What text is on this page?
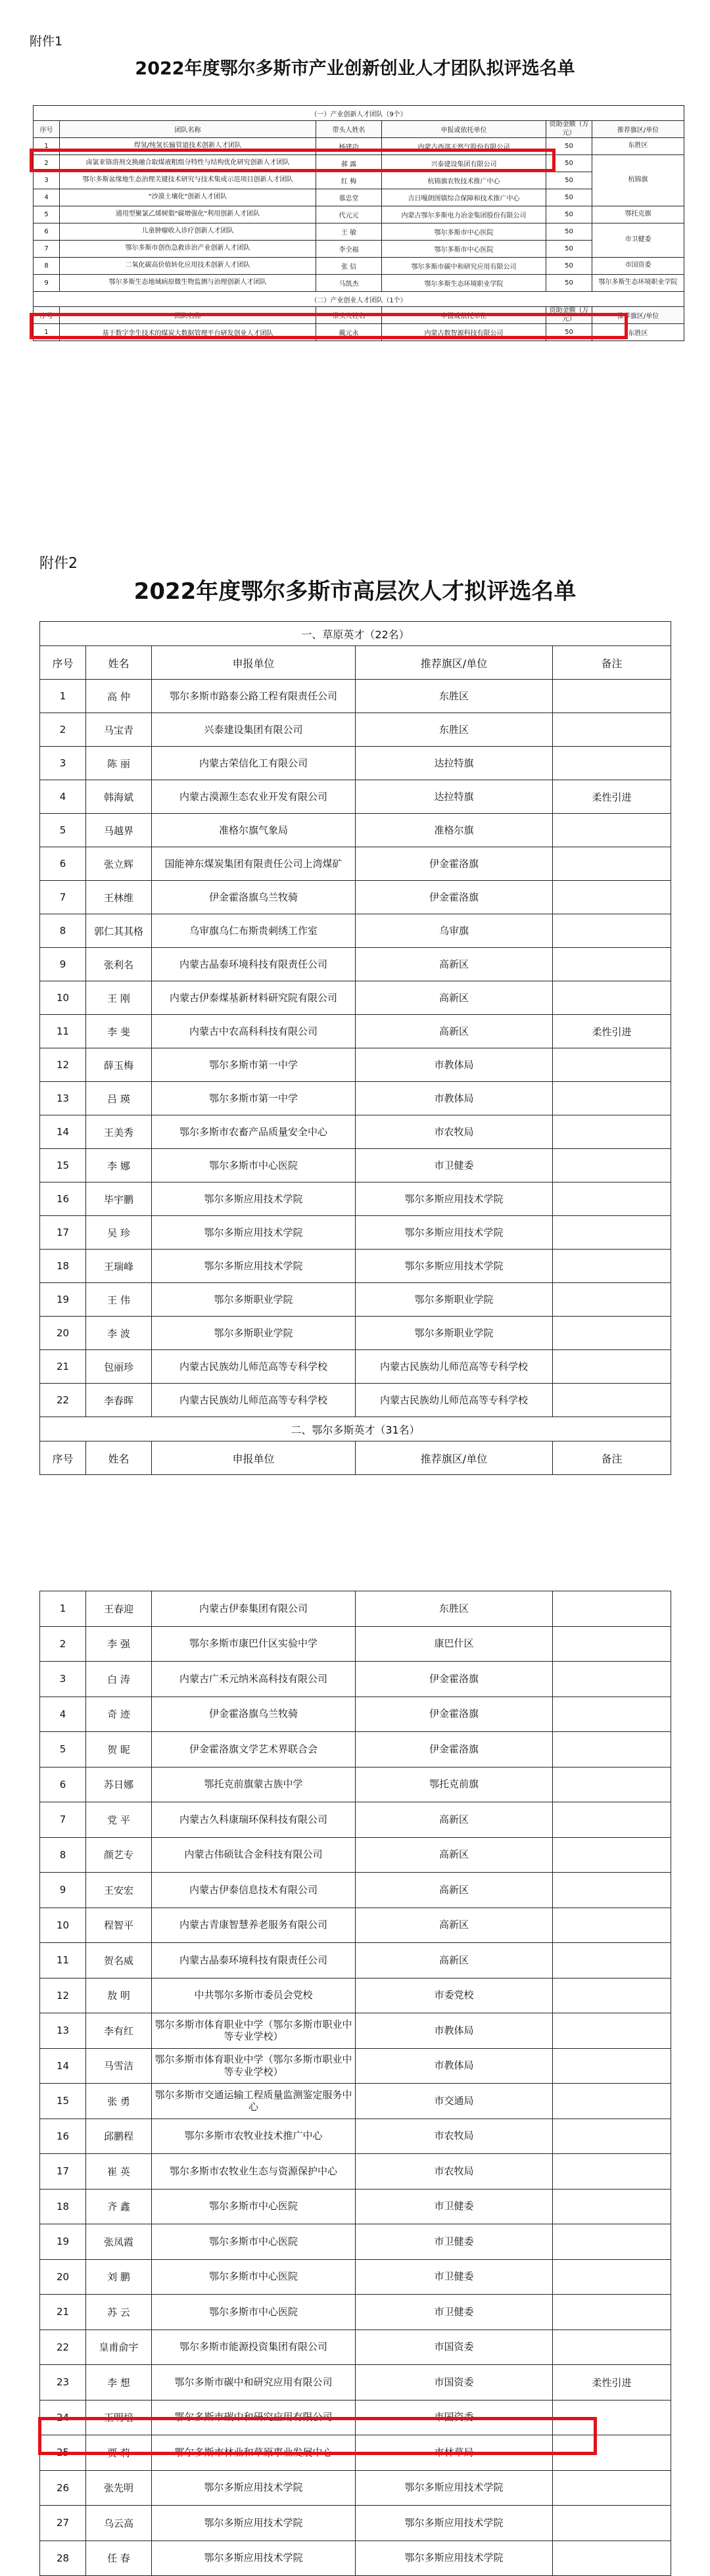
附件1
2022年度鄂尔多斯市产业创新创业人才团队拟评选名单
（一）产业创新人才团队（9个）					
序号	团队名称	带头人姓名	申报或依托单位	资助金额（万元）	推荐旗区/单位
1	焊氢/纯氢长输管道技术创新人才团队	杨建功	内蒙古西部天然气股份有限公司	50	东胜区
2	卤氯亚铬溶剂交换融合取煤液粗组分特性与结构优化研究创新人才团队	郝 露	兴泰建设集团有限公司	50	杭锦旗
3	鄂尔多斯盆缘地生态治理关键技术研究与技术集成示范项目创新人才团队	红 梅	杭锦旗农牧技术推广中心	50	
4	"沙漠土壤化"创新人才团队	慕忠堂	吉日嘎朗图镇综合保障和技术推广中心	50	
5	通用型聚氯乙烯树脂"碳增强化"利用创新人才团队	代元元	内蒙古鄂尔多斯电力冶金集团股份有限公司	50	鄂托克旗
6	儿童肿瘤收入诊疗创新人才团队	王 敏	鄂尔多斯市中心医院	50	市卫健委
7	鄂尔多斯市创伤急救诊治产业创新人才团队	李全福	鄂尔多斯市中心医院	50	
8	二氧化碳高价值转化应用技术创新人才团队	张 信	鄂尔多斯市碳中和研究应用有限公司	50	市国资委
9	鄂尔多斯生态地域病原微生物监测与治理创新人才团队	马凯杰	鄂尔多斯生态环境职业学院	50	鄂尔多斯生态环境职业学院
（二）产业创业人才团队（1个）					
序号	团队名称	带头人姓名	申报或依托单位	资助金额（万元）	推荐旗区/单位
1	基于数字孪生技术的煤炭大数据管理平台研发创业人才团队	戴元永	内蒙古数智源科技有限公司	50	东胜区
附件2
2022年度鄂尔多斯市高层次人才拟评选名单
一、草原英才（22名）				
序号	姓名	申报单位	推荐旗区/单位	备注
1	高 仲	鄂尔多斯市路泰公路工程有限责任公司	东胜区	
2	马宝青	兴泰建设集团有限公司	东胜区	
3	陈 丽	内蒙古荣信化工有限公司	达拉特旗	
4	韩海斌	内蒙古漠源生态农业开发有限公司	达拉特旗	柔性引进
5	马越界	准格尔旗气象局	准格尔旗	
6	张立辉	国能神东煤炭集团有限责任公司上湾煤矿	伊金霍洛旗	
7	王林维	伊金霍洛旗乌兰牧骑	伊金霍洛旗	
8	郭仁其其格	乌审旗乌仁布斯贵刺绣工作室	乌审旗	
9	张利名	内蒙古晶泰环境科技有限责任公司	高新区	
10	王 刚	内蒙古伊泰煤基新材料研究院有限公司	高新区	
11	李 斐	内蒙古中农高科科技有限公司	高新区	柔性引进
12	薛玉梅	鄂尔多斯市第一中学	市教体局	
13	吕 瑛	鄂尔多斯市第一中学	市教体局	
14	王美秀	鄂尔多斯市农畜产品质量安全中心	市农牧局	
15	李 娜	鄂尔多斯市中心医院	市卫健委	
16	毕宇鹏	鄂尔多斯应用技术学院	鄂尔多斯应用技术学院	
17	吴 珍	鄂尔多斯应用技术学院	鄂尔多斯应用技术学院	
18	王瑞峰	鄂尔多斯应用技术学院	鄂尔多斯应用技术学院	
19	王 伟	鄂尔多斯职业学院	鄂尔多斯职业学院	
20	李 波	鄂尔多斯职业学院	鄂尔多斯职业学院	
21	包丽珍	内蒙古民族幼儿师范高等专科学校	内蒙古民族幼儿师范高等专科学校	
22	李春晖	内蒙古民族幼儿师范高等专科学校	内蒙古民族幼儿师范高等专科学校	
二、鄂尔多斯英才（31名）				
序号	姓名	申报单位	推荐旗区/单位	备注
1	王春迎	内蒙古伊泰集团有限公司	东胜区	
2	李 强	鄂尔多斯市康巴什区实验中学	康巴什区	
3	白 涛	内蒙古广禾元纳米高科技有限公司	伊金霍洛旗	
4	奇 迹	伊金霍洛旗乌兰牧骑	伊金霍洛旗	
5	贺 昵	伊金霍洛旗文学艺术界联合会	伊金霍洛旗	
6	苏日娜	鄂托克前旗蒙古族中学	鄂托克前旗	
7	党 平	内蒙古久科康瑞环保科技有限公司	高新区	
8	颜艺专	内蒙古伟硕钛合金科技有限公司	高新区	
9	王安宏	内蒙古伊泰信息技术有限公司	高新区	
10	程智平	内蒙古青康智慧养老服务有限公司	高新区	
11	贺名威	内蒙古晶泰环境科技有限责任公司	高新区	
12	敖 明	中共鄂尔多斯市委员会党校	市委党校	
13	李有红	鄂尔多斯市体育职业中学（鄂尔多斯市职业中等专业学校）	市教体局	
14	马雪洁	鄂尔多斯市体育职业中学（鄂尔多斯市职业中等专业学校）	市教体局	
15	张 勇	鄂尔多斯市交通运输工程质量监测鉴定服务中心	市交通局	
16	邱鹏程	鄂尔多斯市农牧业技术推广中心	市农牧局	
17	崔 英	鄂尔多斯市农牧业生态与资源保护中心	市农牧局	
18	齐 鑫	鄂尔多斯市中心医院	市卫健委	
19	张凤霞	鄂尔多斯市中心医院	市卫健委	
20	刘 鹏	鄂尔多斯市中心医院	市卫健委	
21	苏 云	鄂尔多斯市中心医院	市卫健委	
22	皇甫俞宇	鄂尔多斯市能源投资集团有限公司	市国资委	
23	李 想	鄂尔多斯市碳中和研究应用有限公司	市国资委	柔性引进
24	王明培	鄂尔多斯市碳中和研究应用有限公司	市国资委	
25	贾 莉	鄂尔多斯市林业和草原事业发展中心	市林草局	
26	张先明	鄂尔多斯应用技术学院	鄂尔多斯应用技术学院	
27	乌云高	鄂尔多斯应用技术学院	鄂尔多斯应用技术学院	
28	任 春	鄂尔多斯应用技术学院	鄂尔多斯应用技术学院	
